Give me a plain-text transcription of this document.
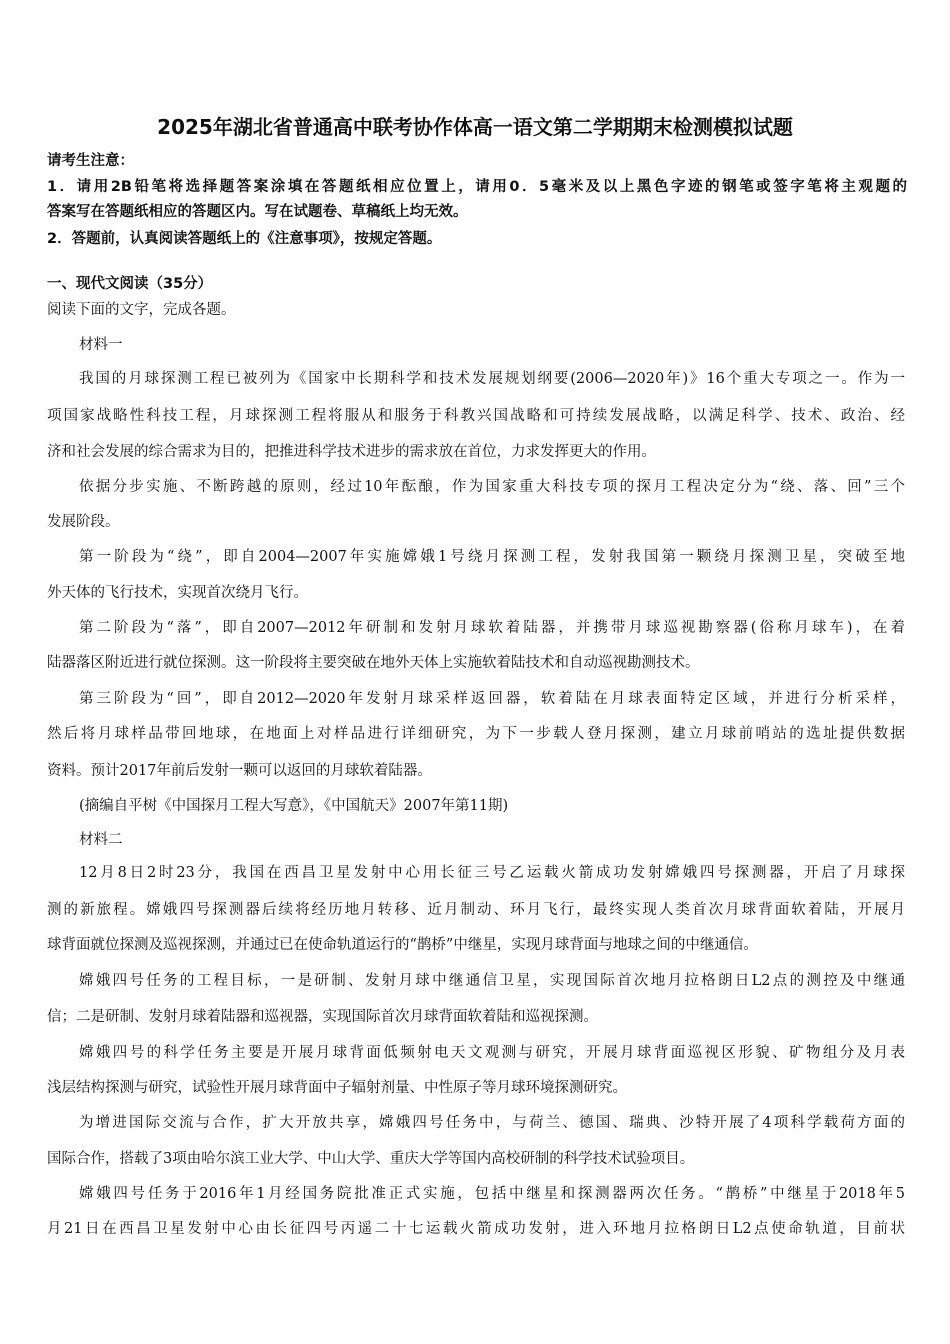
2025年湖北省普通高中联考协作体高一语文第二学期期末检测模拟试题
请考生注意：
1．请用2B铅笔将选择题答案涂填在答题纸相应位置上，请用0．5毫米及以上黑色字迹的钢笔或签字笔将主观题的
答案写在答题纸相应的答题区内。写在试题卷、草稿纸上均无效。
2．答题前，认真阅读答题纸上的《注意事项》，按规定答题。
一、现代文阅读（35分）
阅读下面的文字，完成各题。
材料一
我国的月球探测工程已被列为《国家中长期科学和技术发展规划纲要(2006—2020年)》16个重大专项之一。作为一
项国家战略性科技工程，月球探测工程将服从和服务于科教兴国战略和可持续发展战略，以满足科学、技术、政治、经
济和社会发展的综合需求为目的，把推进科学技术进步的需求放在首位，力求发挥更大的作用。
依据分步实施、不断跨越的原则，经过10年酝酿，作为国家重大科技专项的探月工程决定分为“绕、落、回”三个
发展阶段。
第一阶段为“绕”，即自2004—2007年实施嫦娥1号绕月探测工程，发射我国第一颗绕月探测卫星，突破至地
外天体的飞行技术，实现首次绕月飞行。
第二阶段为“落”，即自2007—2012年研制和发射月球软着陆器，并携带月球巡视勘察器(俗称月球车)，在着
陆器落区附近进行就位探测。这一阶段将主要突破在地外天体上实施软着陆技术和自动巡视勘测技术。
第三阶段为“回”，即自2012—2020年发射月球采样返回器，软着陆在月球表面特定区域，并进行分析采样，
然后将月球样品带回地球，在地面上对样品进行详细研究，为下一步载人登月探测，建立月球前哨站的选址提供数据
资料。预计2017年前后发射一颗可以返回的月球软着陆器。
(摘编自平树《中国探月工程大写意》，《中国航天》2007年第11期)
材料二
12月8日2时23分，我国在西昌卫星发射中心用长征三号乙运载火箭成功发射嫦娥四号探测器，开启了月球探
测的新旅程。嫦娥四号探测器后续将经历地月转移、近月制动、环月飞行，最终实现人类首次月球背面软着陆，开展月
球背面就位探测及巡视探测，并通过已在使命轨道运行的“鹊桥”中继星，实现月球背面与地球之间的中继通信。
嫦娥四号任务的工程目标，一是研制、发射月球中继通信卫星，实现国际首次地月拉格朗日L2点的测控及中继通
信；二是研制、发射月球着陆器和巡视器，实现国际首次月球背面软着陆和巡视探测。
嫦娥四号的科学任务主要是开展月球背面低频射电天文观测与研究，开展月球背面巡视区形貌、矿物组分及月表
浅层结构探测与研究，试验性开展月球背面中子辐射剂量、中性原子等月球环境探测研究。
为增进国际交流与合作，扩大开放共享，嫦娥四号任务中，与荷兰、德国、瑞典、沙特开展了4项科学载荷方面的
国际合作，搭载了3项由哈尔滨工业大学、中山大学、重庆大学等国内高校研制的科学技术试验项目。
嫦娥四号任务于2016年1月经国务院批准正式实施，包括中继星和探测器两次任务。“鹊桥”中继星于2018年5
月21日在西昌卫星发射中心由长征四号丙遥二十七运载火箭成功发射，进入环地月拉格朗日L2点使命轨道，目前状
